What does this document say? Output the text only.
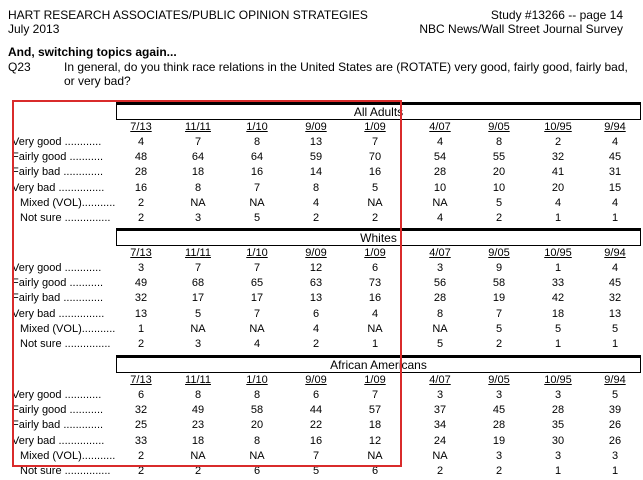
HART RESEARCH ASSOCIATES/PUBLIC OPINION STRATEGIES
July 2013
Study #13266 -- page 14
NBC News/Wall Street Journal Survey
And, switching topics again...
Q23	In general, do you think race relations in the United States are (ROTATE) very good, fairly good, fairly bad, or very bad?
All Adults
7/13	11/11	1/10	9/09	1/09	4/07	9/05	10/95	9/94
Very good ............	4	7	8	13	7	4	8	2	4
Fairly good ...........	48	64	64	59	70	54	55	32	45
Fairly bad .............	28	18	16	14	16	28	20	41	31
Very bad ...............	16	8	7	8	5	10	10	20	15
Mixed (VOL)...........	2	NA	NA	4	NA	NA	5	4	4
Not sure ...............	2	3	5	2	2	4	2	1	1
Whites
7/13	11/11	1/10	9/09	1/09	4/07	9/05	10/95	9/94
Very good ............	3	7	7	12	6	3	9	1	4
Fairly good ...........	49	68	65	63	73	56	58	33	45
Fairly bad .............	32	17	17	13	16	28	19	42	32
Very bad ...............	13	5	7	6	4	8	7	18	13
Mixed (VOL)...........	1	NA	NA	4	NA	NA	5	5	5
Not sure ...............	2	3	4	2	1	5	2	1	1
African Americans
7/13	11/11	1/10	9/09	1/09	4/07	9/05	10/95	9/94
Very good ............	6	8	8	6	7	3	3	3	5
Fairly good ...........	32	49	58	44	57	37	45	28	39
Fairly bad .............	25	23	20	22	18	34	28	35	26
Very bad ...............	33	18	8	16	12	24	19	30	26
Mixed (VOL)...........	2	NA	NA	7	NA	NA	3	3	3
Not sure ...............	2	2	6	5	6	2	2	1	1
